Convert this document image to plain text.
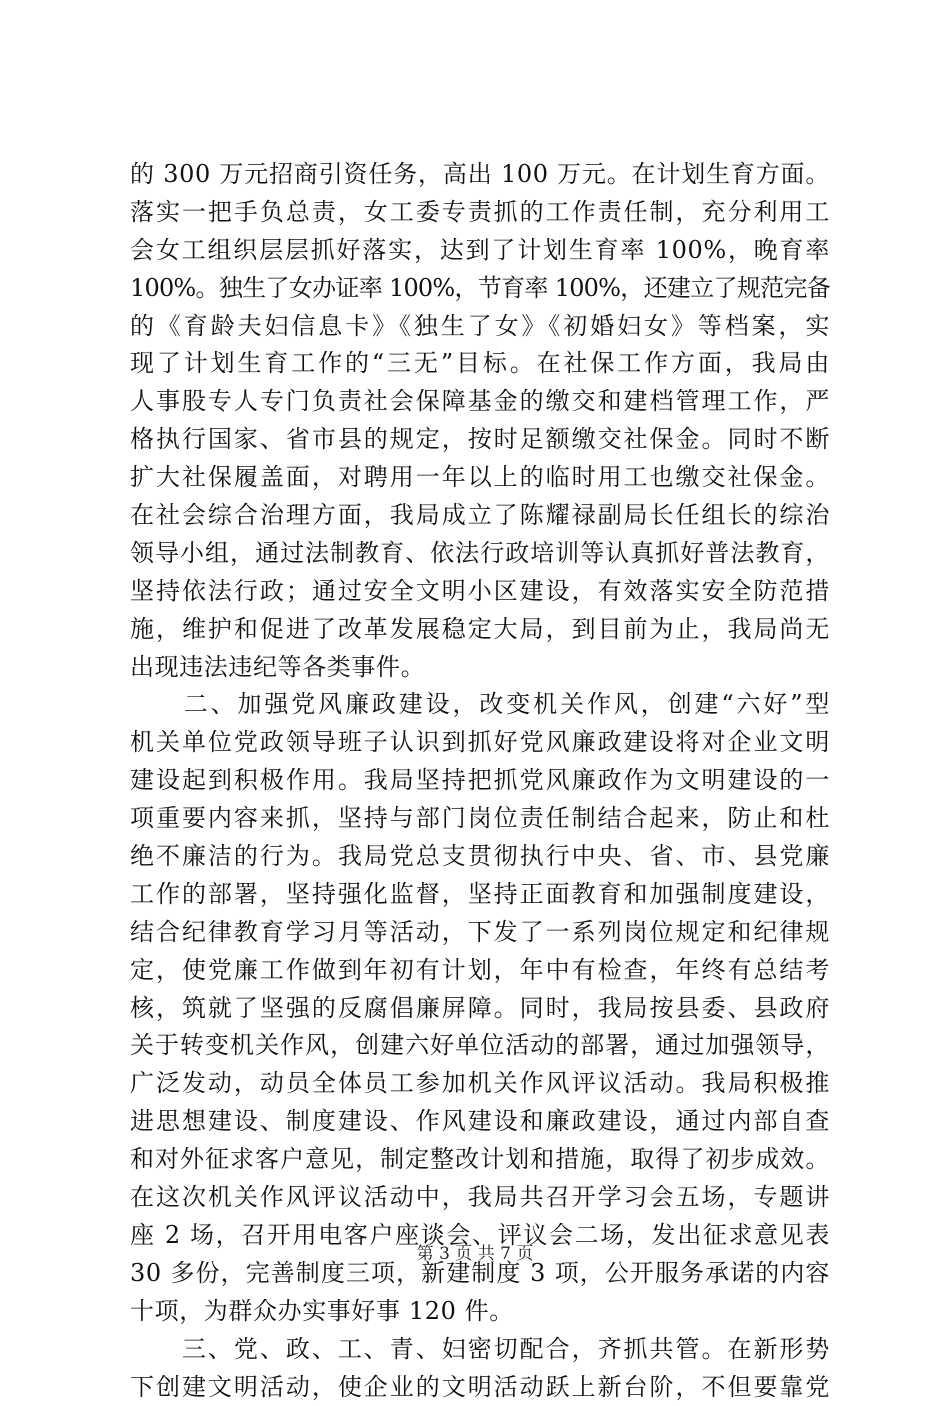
的 300 万元招商引资任务，高出 100 万元。在计划生育方面。
落实一把手负总责，女工委专责抓的工作责任制，充分利用工
会女工组织层层抓好落实，达到了计划生育率 100%，晚育率
100%。独生了女办证率 100%，节育率 100%，还建立了规范完备
的《育龄夫妇信息卡》《独生了女》《初婚妇女》等档案，实
现了计划生育工作的“三无”目标。在社保工作方面，我局由
人事股专人专门负责社会保障基金的缴交和建档管理工作，严
格执行国家、省市县的规定，按时足额缴交社保金。同时不断
扩大社保履盖面，对聘用一年以上的临时用工也缴交社保金。
在社会综合治理方面，我局成立了陈耀禄副局长任组长的综治
领导小组，通过法制教育、依法行政培训等认真抓好普法教育，
坚持依法行政；通过安全文明小区建设，有效落实安全防范措
施，维护和促进了改革发展稳定大局，到目前为止，我局尚无
出现违法违纪等各类事件。
　　二、加强党风廉政建设，改变机关作风，创建“六好”型
机关单位党政领导班子认识到抓好党风廉政建设将对企业文明
建设起到积极作用。我局坚持把抓党风廉政作为文明建设的一
项重要内容来抓，坚持与部门岗位责任制结合起来，防止和杜
绝不廉洁的行为。我局党总支贯彻执行中央、省、市、县党廉
工作的部署，坚持强化监督，坚持正面教育和加强制度建设，
结合纪律教育学习月等活动，下发了一系列岗位规定和纪律规
定，使党廉工作做到年初有计划，年中有检查，年终有总结考
核，筑就了坚强的反腐倡廉屏障。同时，我局按县委、县政府
关于转变机关作风，创建六好单位活动的部署，通过加强领导，
广泛发动，动员全体员工参加机关作风评议活动。我局积极推
进思想建设、制度建设、作风建设和廉政建设，通过内部自查
和对外征求客户意见，制定整改计划和措施，取得了初步成效。
在这次机关作风评议活动中，我局共召开学习会五场，专题讲
座 2 场，召开用电客户座谈会、评议会二场，发出征求意见表
30 多份，完善制度三项，新建制度 3 项，公开服务承诺的内容
十项，为群众办实事好事 120 件。
　　三、党、政、工、青、妇密切配合，齐抓共管。在新形势
下创建文明活动，使企业的文明活动跃上新台阶，不但要靠党
第 3 页 共 7 页
